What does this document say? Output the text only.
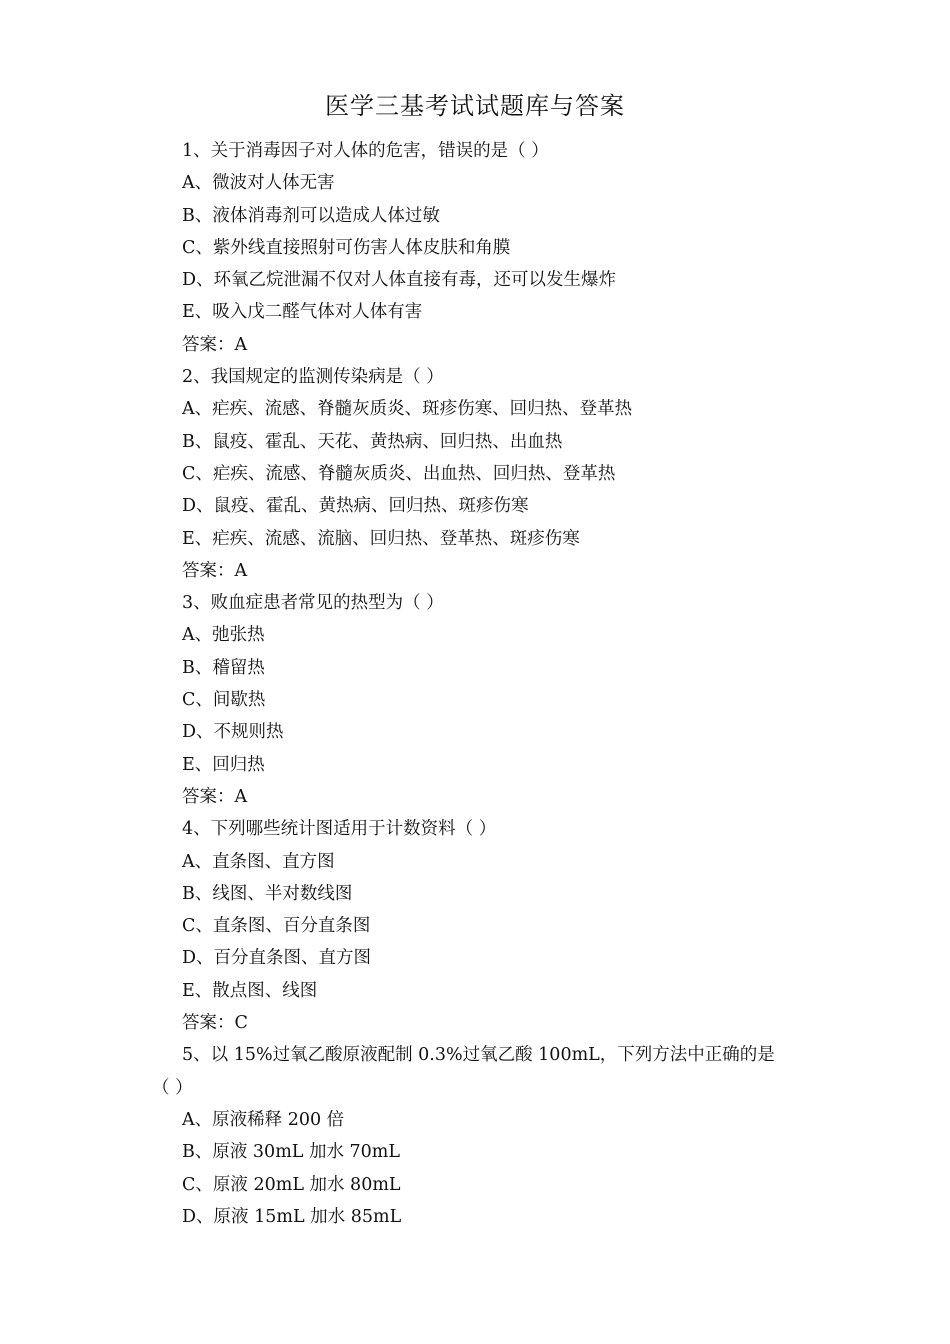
医学三基考试试题库与答案
1、关于消毒因子对人体的危害，错误的是（ ）
A、微波对人体无害
B、液体消毒剂可以造成人体过敏
C、紫外线直接照射可伤害人体皮肤和角膜
D、环氧乙烷泄漏不仅对人体直接有毒，还可以发生爆炸
E、吸入戊二醛气体对人体有害
答案：A
2、我国规定的监测传染病是（ ）
A、疟疾、流感、脊髓灰质炎、斑疹伤寒、回归热、登革热
B、鼠疫、霍乱、天花、黄热病、回归热、出血热
C、疟疾、流感、脊髓灰质炎、出血热、回归热、登革热
D、鼠疫、霍乱、黄热病、回归热、斑疹伤寒
E、疟疾、流感、流脑、回归热、登革热、斑疹伤寒
答案：A
3、败血症患者常见的热型为（ ）
A、弛张热
B、稽留热
C、间歇热
D、不规则热
E、回归热
答案：A
4、下列哪些统计图适用于计数资料（ ）
A、直条图、直方图
B、线图、半对数线图
C、直条图、百分直条图
D、百分直条图、直方图
E、散点图、线图
答案：C
5、以 15%过氧乙酸原液配制 0.3%过氧乙酸 100mL，下列方法中正确的是
（ ）
A、原液稀释 200 倍
B、原液 30mL 加水 70mL
C、原液 20mL 加水 80mL
D、原液 15mL 加水 85mL
